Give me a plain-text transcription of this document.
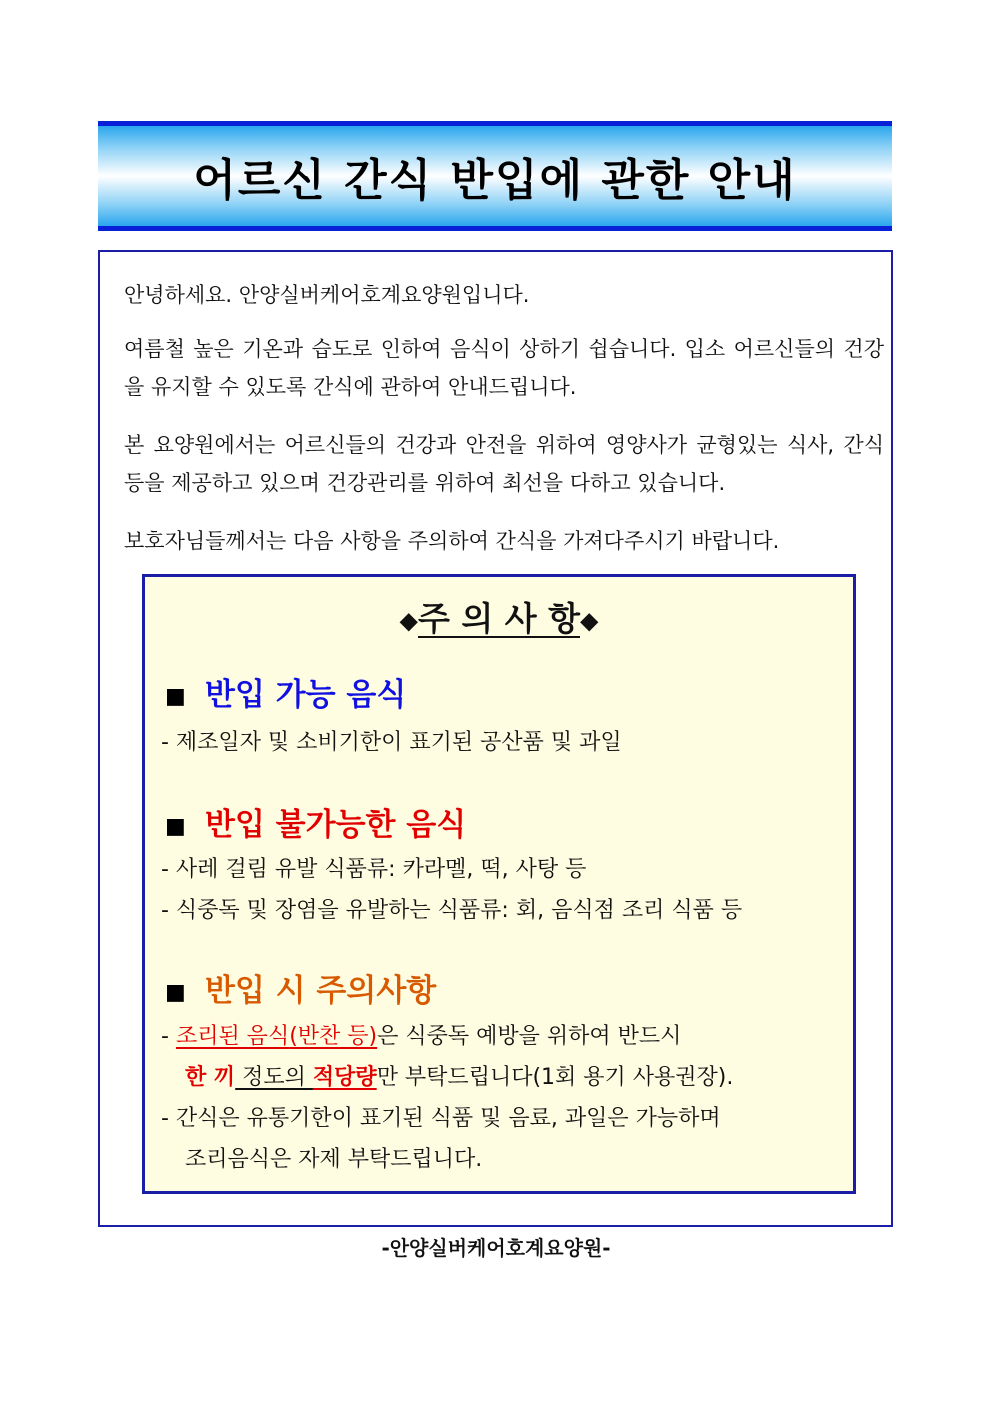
어르신 간식 반입에 관한 안내

안녕하세요. 안양실버케어호계요양원입니다.

여름철 높은 기온과 습도로 인하여 음식이 상하기 쉽습니다. 입소 어르신들의 건강을 유지할 수 있도록 간식에 관하여 안내드립니다.

본 요양원에서는 어르신들의 건강과 안전을 위하여 영양사가 균형있는 식사, 간식 등을 제공하고 있으며 건강관리를 위하여 최선을 다하고 있습니다.

보호자님들께서는 다음 사항을 주의하여 간식을 가져다주시기 바랍니다.

◆주 의 사 항◆
■ 반입 가능 음식
- 제조일자 및 소비기한이 표기된 공산품 및 과일
■ 반입 불가능한 음식
- 사레 걸림 유발 식품류: 카라멜, 떡, 사탕 등
- 식중독 및 장염을 유발하는 식품류: 회, 음식점 조리 식품 등
■ 반입 시 주의사항
- 조리된 음식(반찬 등)은 식중독 예방을 위하여 반드시
한 끼 정도의 적당량만 부탁드립니다(1회 용기 사용권장).
- 간식은 유통기한이 표기된 식품 및 음료, 과일은 가능하며
조리음식은 자제 부탁드립니다.
-안양실버케어호계요양원-
